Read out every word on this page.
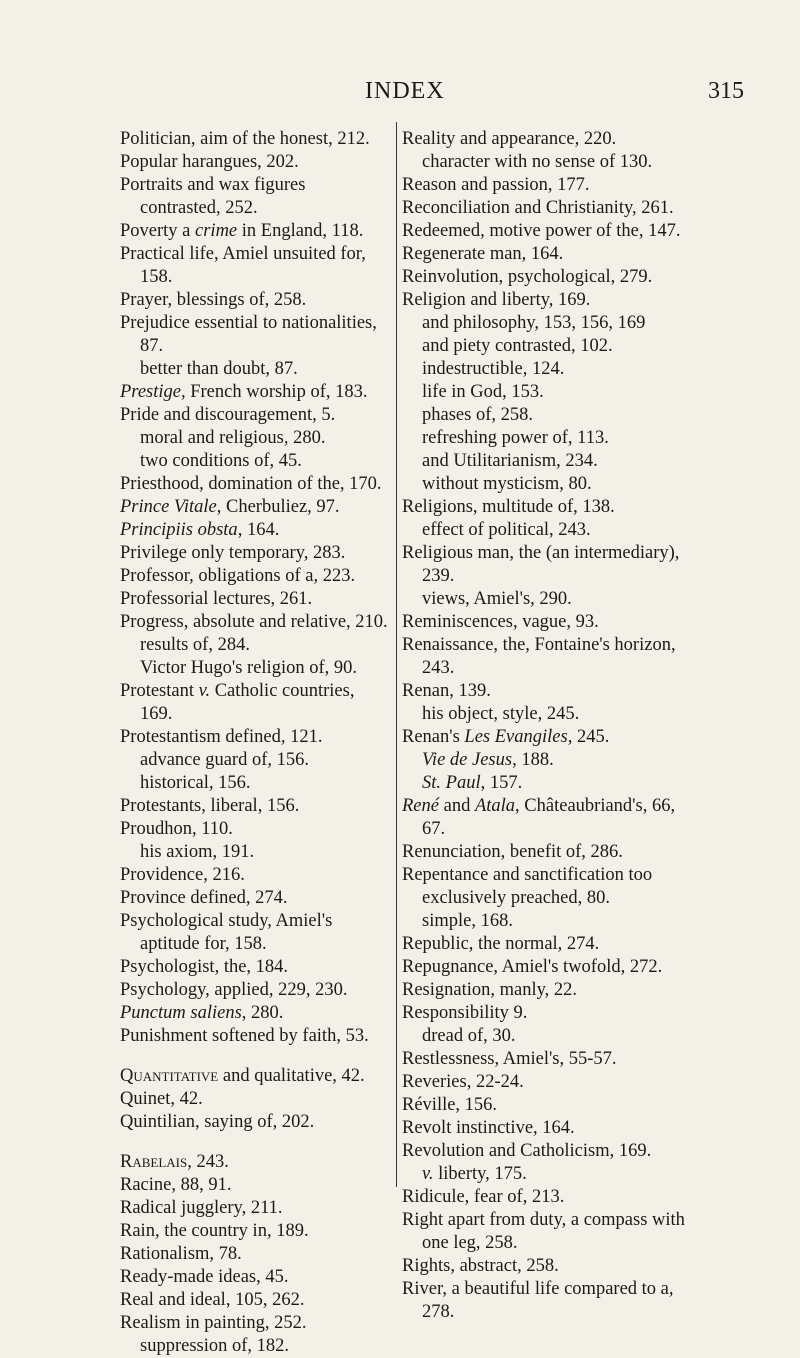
INDEX	315
Politician, aim of the honest, 212.
Popular harangues, 202.
Portraits and wax figures contrasted, 252.
Poverty a crime in England, 118.
Practical life, Amiel unsuited for, 158.
Prayer, blessings of, 258.
Prejudice essential to nationalities, 87.
better than doubt, 87.
Prestige, French worship of, 183.
Pride and discouragement, 5.
moral and religious, 280.
two conditions of, 45.
Priesthood, domination of the, 170.
Prince Vitale, Cherbuliez, 97.
Principiis obsta, 164.
Privilege only temporary, 283.
Professor, obligations of a, 223.
Professorial lectures, 261.
Progress, absolute and relative, 210.
results of, 284.
Victor Hugo's religion of, 90.
Protestant v. Catholic countries, 169.
Protestantism defined, 121.
advance guard of, 156.
historical, 156.
Protestants, liberal, 156.
Proudhon, 110.
his axiom, 191.
Providence, 216.
Province defined, 274.
Psychological study, Amiel's aptitude for, 158.
Psychologist, the, 184.
Psychology, applied, 229, 230.
Punctum saliens, 280.
Punishment softened by faith, 53.
Quantitative and qualitative, 42.
Quinet, 42.
Quintilian, saying of, 202.
Rabelais, 243.
Racine, 88, 91.
Radical jugglery, 211.
Rain, the country in, 189.
Rationalism, 78.
Ready-made ideas, 45.
Real and ideal, 105, 262.
Realism in painting, 252.
suppression of, 182.
Reality and appearance, 220.
character with no sense of 130.
Reason and passion, 177.
Reconciliation and Christianity, 261.
Redeemed, motive power of the, 147.
Regenerate man, 164.
Reinvolution, psychological, 279.
Religion and liberty, 169.
and philosophy, 153, 156, 169
and piety contrasted, 102.
indestructible, 124.
life in God, 153.
phases of, 258.
refreshing power of, 113.
and Utilitarianism, 234.
without mysticism, 80.
Religions, multitude of, 138.
effect of political, 243.
Religious man, the (an intermediary), 239.
views, Amiel's, 290.
Reminiscences, vague, 93.
Renaissance, the, Fontaine's horizon, 243.
Renan, 139.
his object, style, 245.
Renan's Les Evangiles, 245.
Vie de Jesus, 188.
St. Paul, 157.
René and Atala, Châteaubriand's, 66, 67.
Renunciation, benefit of, 286.
Repentance and sanctification too exclusively preached, 80.
simple, 168.
Republic, the normal, 274.
Repugnance, Amiel's twofold, 272.
Resignation, manly, 22.
Responsibility 9.
dread of, 30.
Restlessness, Amiel's, 55-57.
Reveries, 22-24.
Réville, 156.
Revolt instinctive, 164.
Revolution and Catholicism, 169.
v. liberty, 175.
Ridicule, fear of, 213.
Right apart from duty, a compass with one leg, 258.
Rights, abstract, 258.
River, a beautiful life compared to a, 278.
